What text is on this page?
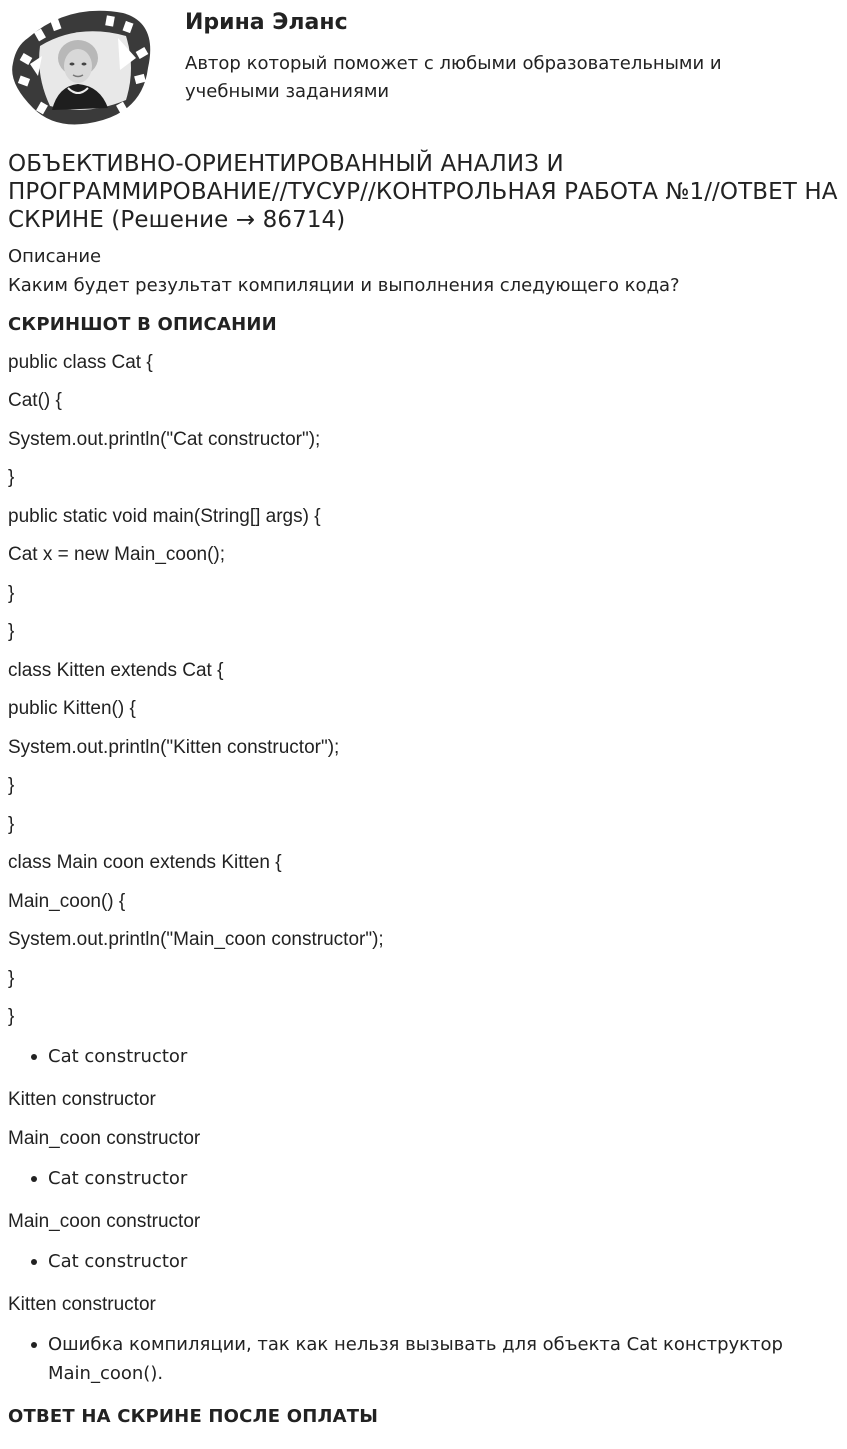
Ирина Эланс

Автор который поможет с любыми образовательными и учебными заданиями

ОБЪЕКТИВНО-ОРИЕНТИРОВАННЫЙ АНАЛИЗ И ПРОГРАММИРОВАНИЕ//ТУСУР//КОНТРОЛЬНАЯ РАБОТА №1//ОТВЕТ НА СКРИНЕ (Решение → 86714)

Описание

Каким будет результат компиляции и выполнения следующего кода?

СКРИНШОТ В ОПИСАНИИ

public class Cat {

Cat() {

System.out.println("Cat constructor");

}

public static void main(String[] args) {

Cat x = new Main_coon();

}

}

class Kitten extends Cat {

public Kitten() {

System.out.println("Kitten constructor");

}

}

class Main coon extends Kitten {

Main_coon() {

System.out.println("Main_coon constructor");

}

}

Cat constructor

Kitten constructor

Main_coon constructor

Cat constructor

Main_coon constructor

Cat constructor

Kitten constructor

Ошибка компиляции, так как нельзя вызывать для объекта Cat конструктор Main_coon().

ОТВЕТ НА СКРИНЕ ПОСЛЕ ОПЛАТЫ
